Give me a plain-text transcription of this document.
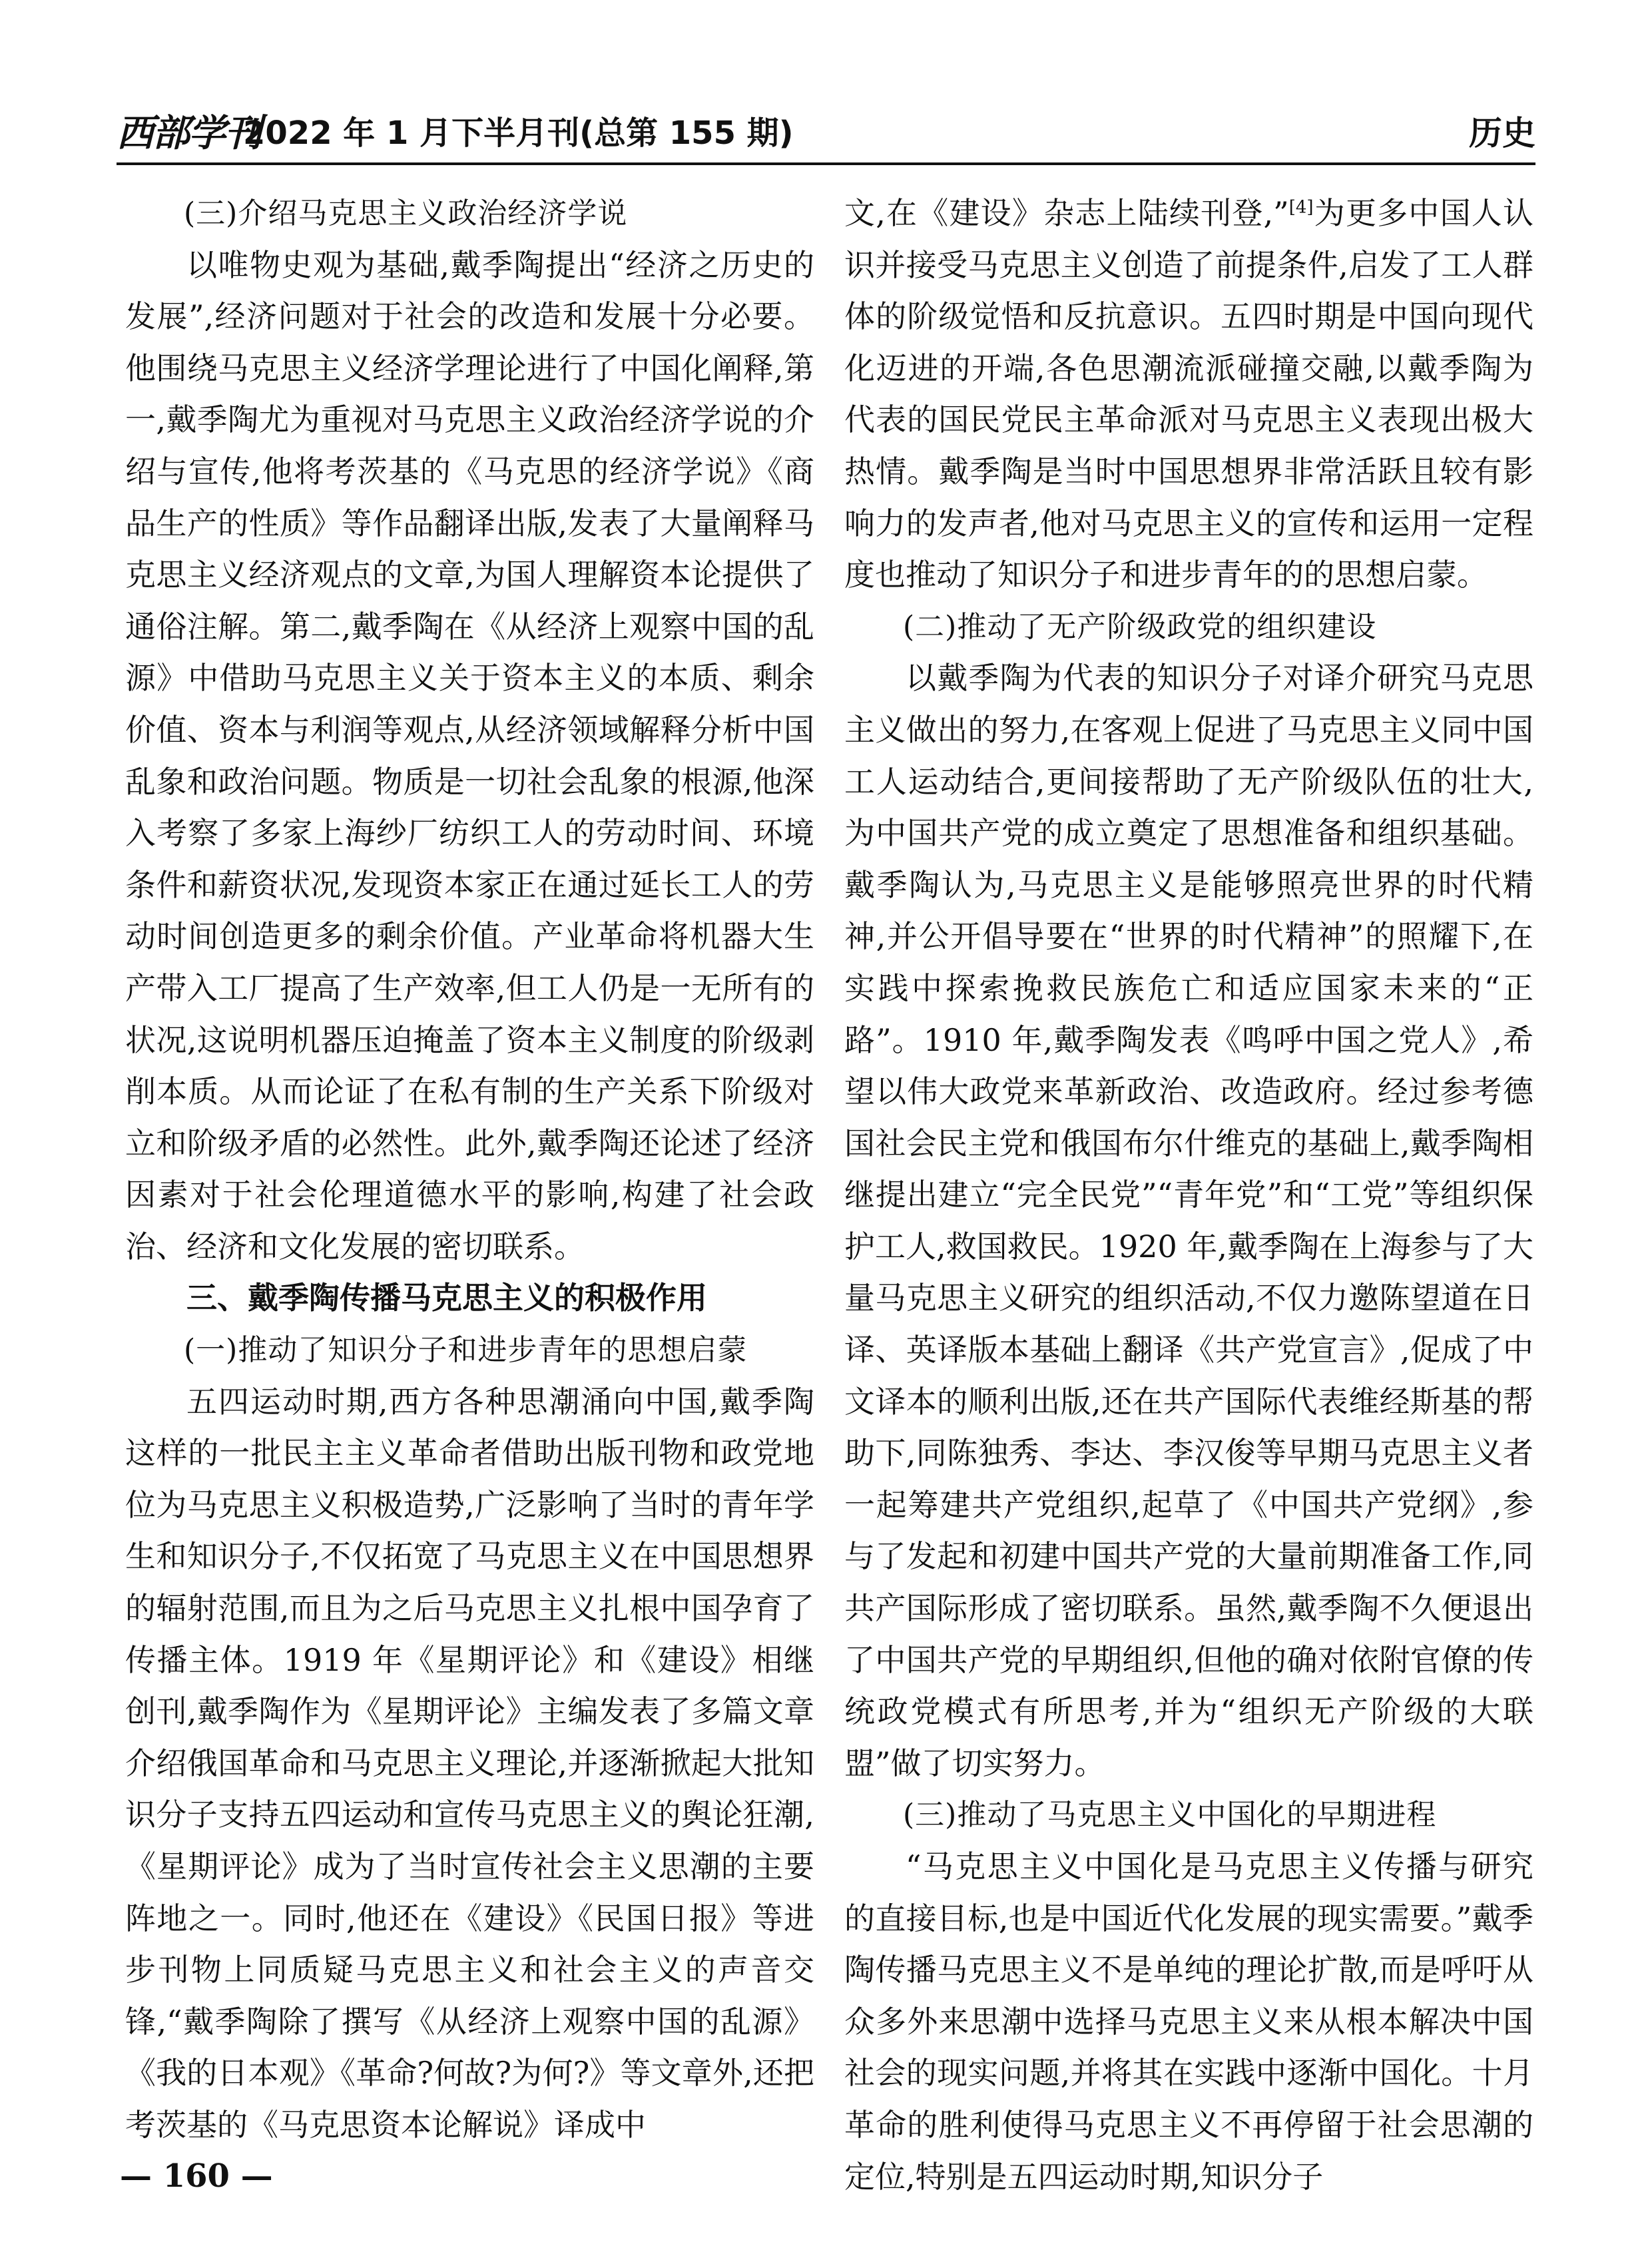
西部学刊
2022 年 1 月下半月刊(总第 155 期)	历史
(三)介绍马克思主义政治经济学说

以唯物史观为基础,戴季陶提出“经济之历史的发展”,经济问题对于社会的改造和发展十分必要。他围绕马克思主义经济学理论进行了中国化阐释,第一,戴季陶尤为重视对马克思主义政治经济学说的介绍与宣传,他将考茨基的《马克思的经济学说》《商品生产的性质》等作品翻译出版,发表了大量阐释马克思主义经济观点的文章,为国人理解资本论提供了通俗注解。第二,戴季陶在《从经济上观察中国的乱源》中借助马克思主义关于资本主义的本质、剩余价值、资本与利润等观点,从经济领域解释分析中国乱象和政治问题。物质是一切社会乱象的根源,他深入考察了多家上海纱厂纺织工人的劳动时间、环境条件和薪资状况,发现资本家正在通过延长工人的劳动时间创造更多的剩余价值。产业革命将机器大生产带入工厂提高了生产效率,但工人仍是一无所有的状况,这说明机器压迫掩盖了资本主义制度的阶级剥削本质。从而论证了在私有制的生产关系下阶级对立和阶级矛盾的必然性。此外,戴季陶还论述了经济因素对于社会伦理道德水平的影响,构建了社会政治、经济和文化发展的密切联系。

三、戴季陶传播马克思主义的积极作用
(一)推动了知识分子和进步青年的思想启蒙

五四运动时期,西方各种思潮涌向中国,戴季陶这样的一批民主主义革命者借助出版刊物和政党地位为马克思主义积极造势,广泛影响了当时的青年学生和知识分子,不仅拓宽了马克思主义在中国思想界的辐射范围,而且为之后马克思主义扎根中国孕育了传播主体。1919 年《星期评论》和《建设》相继创刊,戴季陶作为《星期评论》主编发表了多篇文章介绍俄国革命和马克思主义理论,并逐渐掀起大批知识分子支持五四运动和宣传马克思主义的舆论狂潮,《星期评论》成为了当时宣传社会主义思潮的主要阵地之一。同时,他还在《建设》《民国日报》等进步刊物上同质疑马克思主义和社会主义的声音交锋,“戴季陶除了撰写《从经济上观察中国的乱源》《我的日本观》《革命?何故?为何?》等文章外,还把考茨基的《马克思资本论解说》译成中

文,在《建设》杂志上陆续刊登,”[4]为更多中国人认识并接受马克思主义创造了前提条件,启发了工人群体的阶级觉悟和反抗意识。五四时期是中国向现代化迈进的开端,各色思潮流派碰撞交融,以戴季陶为代表的国民党民主革命派对马克思主义表现出极大热情。戴季陶是当时中国思想界非常活跃且较有影响力的发声者,他对马克思主义的宣传和运用一定程度也推动了知识分子和进步青年的的思想启蒙。

(二)推动了无产阶级政党的组织建设

以戴季陶为代表的知识分子对译介研究马克思主义做出的努力,在客观上促进了马克思主义同中国工人运动结合,更间接帮助了无产阶级队伍的壮大,为中国共产党的成立奠定了思想准备和组织基础。戴季陶认为,马克思主义是能够照亮世界的时代精神,并公开倡导要在“世界的时代精神”的照耀下,在实践中探索挽救民族危亡和适应国家未来的“正路”。1910 年,戴季陶发表《鸣呼中国之党人》,希望以伟大政党来革新政治、改造政府。经过参考德国社会民主党和俄国布尔什维克的基础上,戴季陶相继提出建立“完全民党”“青年党”和“工党”等组织保护工人,救国救民。1920 年,戴季陶在上海参与了大量马克思主义研究的组织活动,不仅力邀陈望道在日译、英译版本基础上翻译《共产党宣言》,促成了中文译本的顺利出版,还在共产国际代表维经斯基的帮助下,同陈独秀、李达、李汉俊等早期马克思主义者一起筹建共产党组织,起草了《中国共产党纲》,参与了发起和初建中国共产党的大量前期准备工作,同共产国际形成了密切联系。虽然,戴季陶不久便退出了中国共产党的早期组织,但他的确对依附官僚的传统政党模式有所思考,并为“组织无产阶级的大联盟”做了切实努力。

(三)推动了马克思主义中国化的早期进程

“马克思主义中国化是马克思主义传播与研究的直接目标,也是中国近代化发展的现实需要。”戴季陶传播马克思主义不是单纯的理论扩散,而是呼吁从众多外来思潮中选择马克思主义来从根本解决中国社会的现实问题,并将其在实践中逐渐中国化。十月革命的胜利使得马克思主义不再停留于社会思潮的定位,特别是五四运动时期,知识分子

— 160 —
